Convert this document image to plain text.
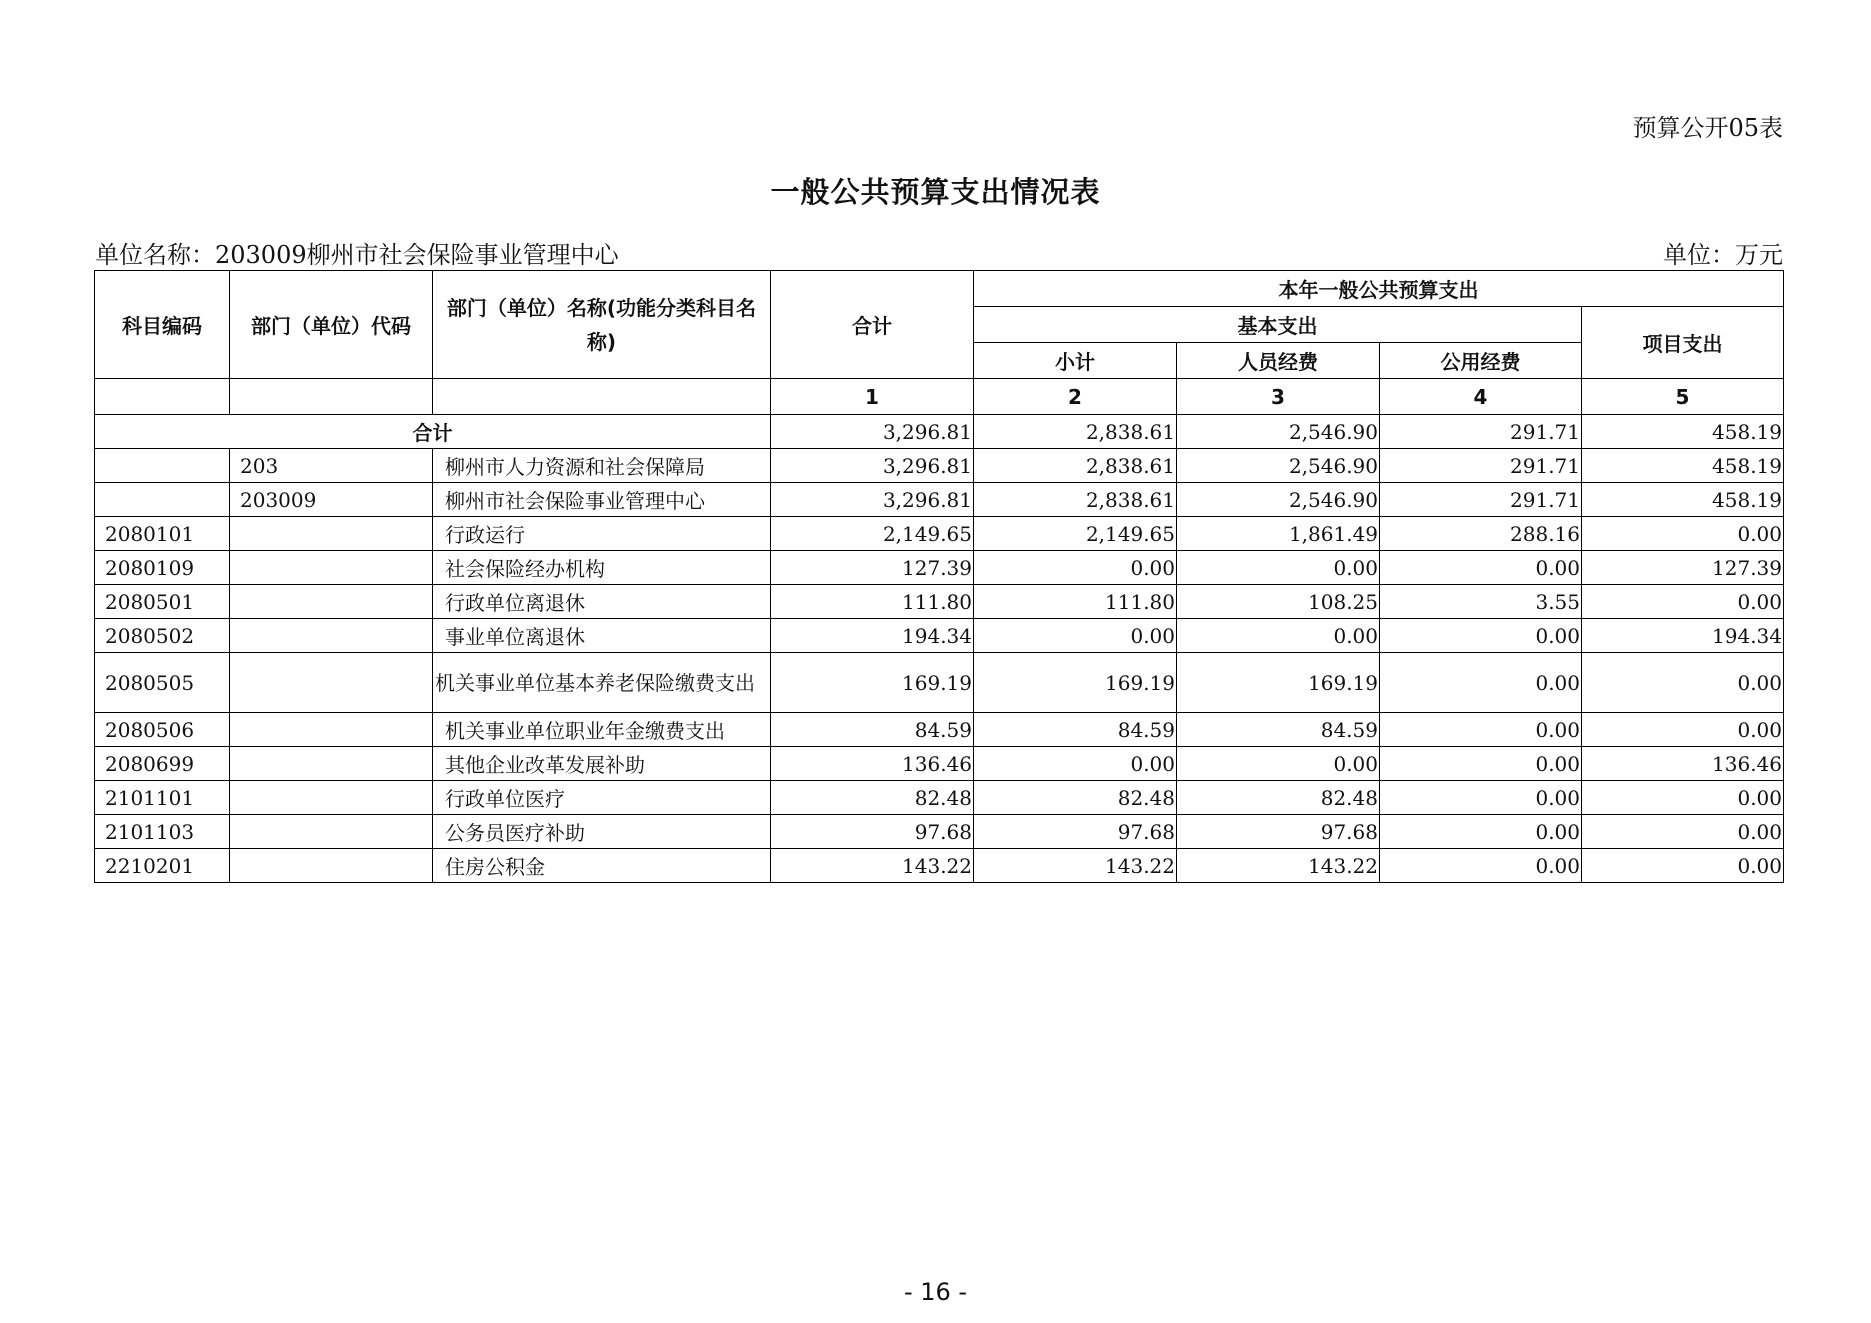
预算公开05表
一般公共预算支出情况表
单位名称：203009柳州市社会保险事业管理中心	单位：万元
科目编码	部门（单位）代码	部门（单位）名称(功能分类科目名称)	合计	本年一般公共预算支出			
				基本支出			项目支出
				小计	人员经费	公用经费	
			1	2	3	4	5
合计			3,296.81	2,838.61	2,546.90	291.71	458.19
	203	柳州市人力资源和社会保障局	3,296.81	2,838.61	2,546.90	291.71	458.19
	203009	柳州市社会保险事业管理中心	3,296.81	2,838.61	2,546.90	291.71	458.19
2080101		行政运行	2,149.65	2,149.65	1,861.49	288.16	0.00
2080109		社会保险经办机构	127.39	0.00	0.00	0.00	127.39
2080501		行政单位离退休	111.80	111.80	108.25	3.55	0.00
2080502		事业单位离退休	194.34	0.00	0.00	0.00	194.34
2080505		机关事业单位基本养老保险缴费支出	169.19	169.19	169.19	0.00	0.00
2080506		机关事业单位职业年金缴费支出	84.59	84.59	84.59	0.00	0.00
2080699		其他企业改革发展补助	136.46	0.00	0.00	0.00	136.46
2101101		行政单位医疗	82.48	82.48	82.48	0.00	0.00
2101103		公务员医疗补助	97.68	97.68	97.68	0.00	0.00
2210201		住房公积金	143.22	143.22	143.22	0.00	0.00
- 16 -
